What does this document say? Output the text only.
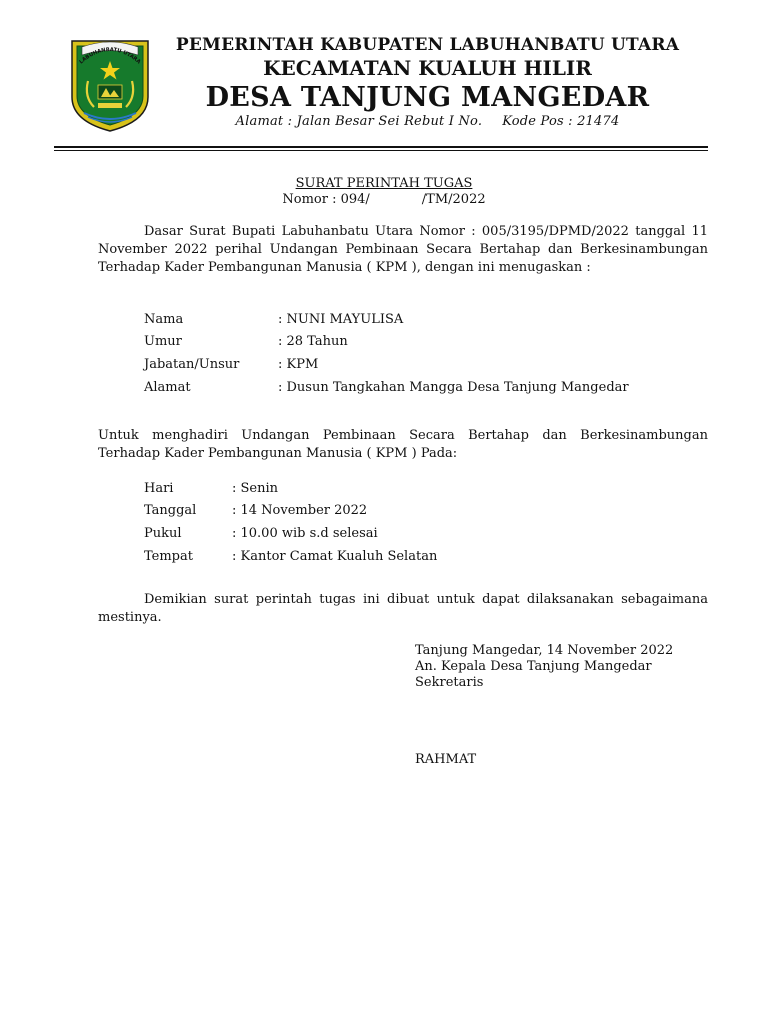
LABUHANBATU UTARA
PEMERINTAH KABUPATEN LABUHANBATU UTARA
KECAMATAN KUALUH HILIR
DESA TANJUNG MANGEDAR
Alamat : Jalan Besar Sei Rebut I No. Kode Pos : 21474
SURAT PERINTAH TUGAS
Nomor : 094/	/TM/2022

Dasar Surat Bupati Labuhanbatu Utara Nomor : 005/3195/DPMD/2022 tanggal 11 November 2022 perihal Undangan Pembinaan Secara Bertahap dan Berkesinambungan Terhadap Kader Pembangunan Manusia ( KPM ), dengan ini menugaskan :

Nama	: NUNI MAYULISA
Umur	: 28 Tahun
Jabatan/Unsur	: KPM
Alamat	: Dusun Tangkahan Mangga Desa Tanjung Mangedar

Untuk menghadiri Undangan Pembinaan Secara Bertahap dan Berkesinambungan Terhadap Kader Pembangunan Manusia ( KPM ) Pada:

Hari	: Senin
Tanggal	: 14 November 2022
Pukul	: 10.00 wib s.d selesai
Tempat	: Kantor Camat Kualuh Selatan

Demikian surat perintah tugas ini dibuat untuk dapat dilaksanakan sebagaimana mestinya.

Tanjung Mangedar, 14 November 2022
An. Kepala Desa Tanjung Mangedar
Sekretaris
RAHMAT
